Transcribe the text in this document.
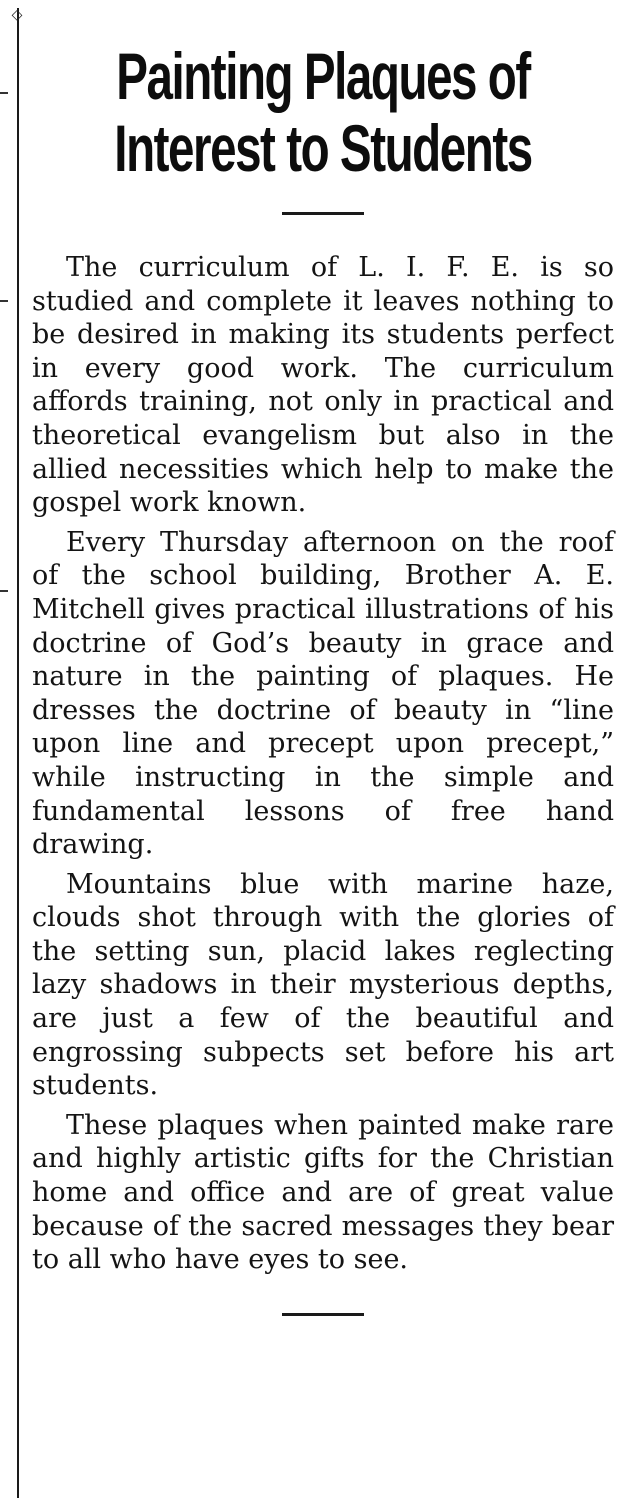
◇
Painting Plaques of
Interest to Students

The curriculum of L. I. F. E. is so studied and complete it leaves nothing to be desired in making its students perfect in every good work. The curriculum affords training, not only in practical and theoretical evangelism but also in the allied necessities which help to make the gospel work known.

Every Thursday afternoon on the roof of the school building, Brother A. E. Mitchell gives practical illustrations of his doctrine of God’s beauty in grace and nature in the painting of plaques. He dresses the doctrine of beauty in “line upon line and precept upon precept,” while instructing in the simple and fundamental lessons of free hand drawing.

Mountains blue with marine haze, clouds shot through with the glories of the setting sun, placid lakes reglecting lazy shadows in their mysterious depths, are just a few of the beautiful and engrossing subpects set before his art students.

These plaques when painted make rare and highly artistic gifts for the Christian home and office and are of great value because of the sacred messages they bear to all who have eyes to see.
